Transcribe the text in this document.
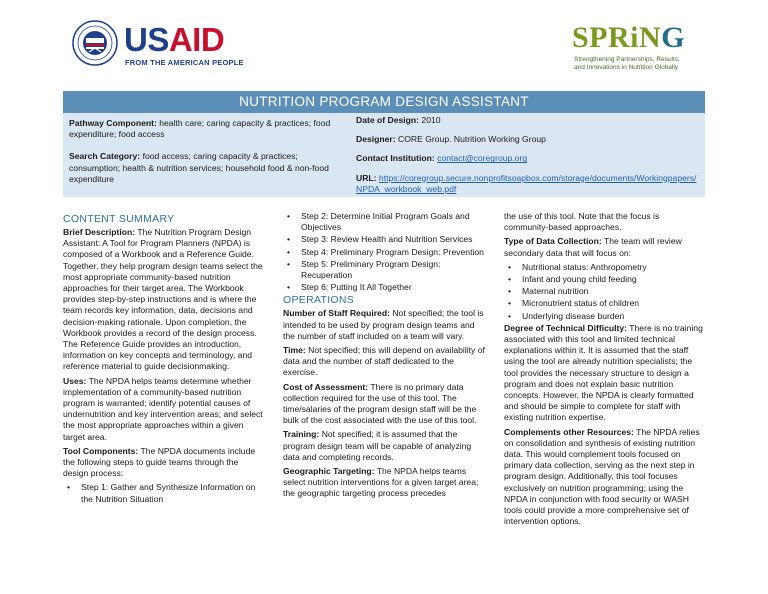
USAID
FROM THE AMERICAN PEOPLE
SPRiNG
Strengthening Partnerships, Results,
and Innovations in Nutrition Globally
NUTRITION PROGRAM DESIGN ASSISTANT
Pathway Component: health care; caring capacity & practices; food expenditure; food access
Search Category: food access; caring capacity & practices; consumption; health & nutrition services; household food & non-food expenditure
Date of Design: 2010
Designer: CORE Group. Nutrition Working Group
Contact Institution: contact@coregroup.org
URL: https://coregroup.secure.nonprofitsoapbox.com/storage/documents/Workingpapers/NPDA_workbook_web.pdf
CONTENT SUMMARY
Brief Description: The Nutrition Program Design Assistant: A Tool for Program Planners (NPDA) is composed of a Workbook and a Reference Guide. Together, they help program design teams select the most appropriate community-based nutrition approaches for their target area. The Workbook provides step-by-step instructions and is where the team records key information, data, decisions and decision-making rationale. Upon completion, the Workbook provides a record of the design process. The Reference Guide provides an introduction, information on key concepts and terminology, and reference material to guide decisionmaking.
Uses: The NPDA helps teams determine whether implementation of a community-based nutrition program is warranted; identify potential causes of undernutrition and key intervention areas; and select the most appropriate approaches within a given target area.
Tool Components: The NPDA documents include the following steps to guide teams through the design process:
• Step 1: Gather and Synthesize Information on the Nutrition Situation
• Step 2: Determine Initial Program Goals and Objectives
• Step 3: Review Health and Nutrition Services
• Step 4: Preliminary Program Design: Prevention
• Step 5: Preliminary Program Design: Recuperation
• Step 6: Putting It All Together
OPERATIONS
Number of Staff Required: Not specified; the tool is intended to be used by program design teams and the number of staff included on a team will vary.
Time: Not specified; this will depend on availability of data and the number of staff dedicated to the exercise.
Cost of Assessment: There is no primary data collection required for the use of this tool. The time/salaries of the program design staff will be the bulk of the cost associated with the use of this tool.
Training: Not specified; it is assumed that the program design team will be capable of analyzing data and completing records.
Geographic Targeting: The NPDA helps teams select nutrition interventions for a given target area; the geographic targeting process precedes
the use of this tool. Note that the focus is community-based approaches.
Type of Data Collection: The team will review secondary data that will focus on:
• Nutritional status: Anthropometry
• Infant and young child feeding
• Maternal nutrition
• Micronutrient status of children
• Underlying disease burden
Degree of Technical Difficulty: There is no training associated with this tool and limited technical explanations within it. It is assumed that the staff using the tool are already nutrition specialists; the tool provides the necessary structure to design a program and does not explain basic nutrition concepts. However, the NPDA is clearly formatted and should be simple to complete for staff with existing nutrition expertise.
Complements other Resources: The NPDA relies on consolidation and synthesis of existing nutrition data. This would complement tools focused on primary data collection, serving as the next step in program design. Additionally, this tool focuses exclusively on nutrition programming; using the NPDA in conjunction with food security or WASH tools could provide a more comprehensive set of intervention options.
